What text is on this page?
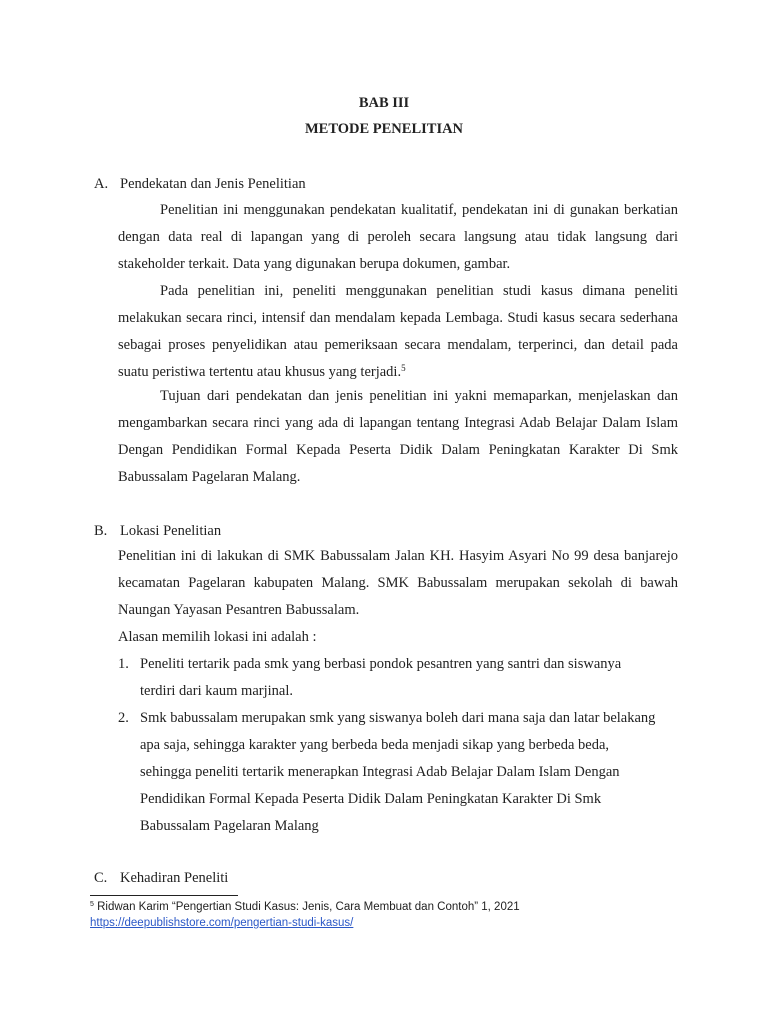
BAB III
METODE PENELITIAN
A. Pendekatan dan Jenis Penelitian
Penelitian ini menggunakan pendekatan kualitatif, pendekatan ini di gunakan berkatian dengan data real di lapangan yang di peroleh secara langsung atau tidak langsung dari stakeholder terkait. Data yang digunakan berupa dokumen, gambar.
Pada penelitian ini, peneliti menggunakan penelitian studi kasus dimana peneliti melakukan secara rinci, intensif dan mendalam kepada Lembaga. Studi kasus secara sederhana sebagai proses penyelidikan atau pemeriksaan secara mendalam, terperinci, dan detail pada suatu peristiwa tertentu atau khusus yang terjadi.$^5$
Tujuan dari pendekatan dan jenis penelitian ini yakni memaparkan, menjelaskan dan mengambarkan secara rinci yang ada di lapangan tentang Integrasi Adab Belajar Dalam Islam Dengan Pendidikan Formal Kepada Peserta Didik Dalam Peningkatan Karakter Di Smk Babussalam Pagelaran Malang.
B. Lokasi Penelitian
Penelitian ini di lakukan di SMK Babussalam Jalan KH. Hasyim Asyari No 99 desa banjarejo kecamatan Pagelaran kabupaten Malang. SMK Babussalam merupakan sekolah di bawah Naungan Yayasan Pesantren Babussalam.
Alasan memilih lokasi ini adalah :
1. Peneliti tertarik pada smk yang berbasi pondok pesantren yang santri dan siswanya
terdiri dari kaum marjinal.
2. Smk babussalam merupakan smk yang siswanya boleh dari mana saja dan latar belakang
apa saja, sehingga karakter yang berbeda beda menjadi sikap yang berbeda beda,
sehingga peneliti tertarik menerapkan Integrasi Adab Belajar Dalam Islam Dengan
Pendidikan Formal Kepada Peserta Didik Dalam Peningkatan Karakter Di Smk
Babussalam Pagelaran Malang
C. Kehadiran Peneliti
$^5$ Ridwan Karim “Pengertian Studi Kasus: Jenis, Cara Membuat dan Contoh” 1, 2021
https://deepublishstore.com/pengertian-studi-kasus/
